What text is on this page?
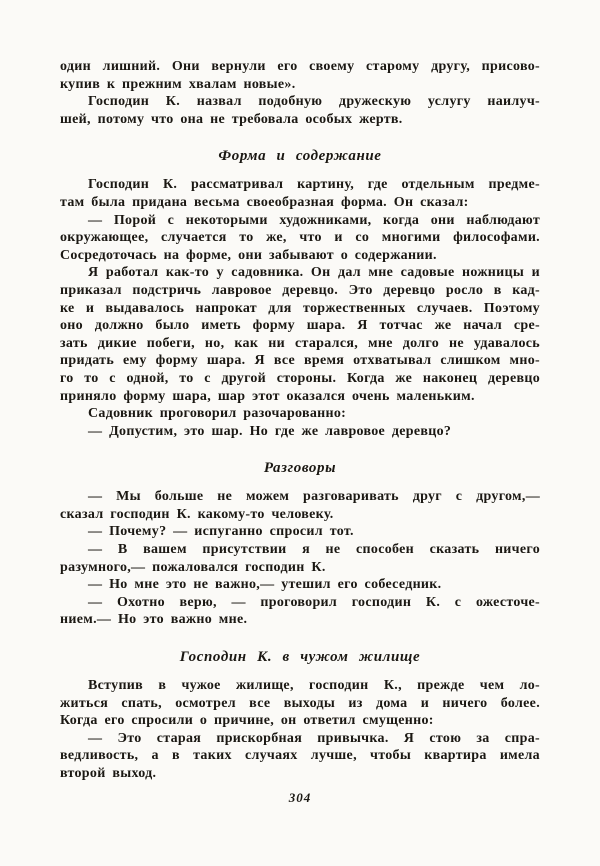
один лишний. Они вернули его своему старому другу, присово-
купив к прежним хвалам новые».
Господин К. назвал подобную дружескую услугу наилуч-
шей, потому что она не требовала особых жертв.
Форма и содержание
Господин К. рассматривал картину, где отдельным предме-
там была придана весьма своеобразная форма. Он сказал:
— Порой с некоторыми художниками, когда они наблюдают
окружающее, случается то же, что и со многими философами.
Сосредоточась на форме, они забывают о содержании.
Я работал как-то у садовника. Он дал мне садовые ножницы и
приказал подстричь лавровое деревцо. Это деревцо росло в кад-
ке и выдавалось напрокат для торжественных случаев. Поэтому
оно должно было иметь форму шара. Я тотчас же начал сре-
зать дикие побеги, но, как ни старался, мне долго не удавалось
придать ему форму шара. Я все время отхватывал слишком мно-
го то с одной, то с другой стороны. Когда же наконец деревцо
приняло форму шара, шар этот оказался очень маленьким.
Садовник проговорил разочарованно:
— Допустим, это шар. Но где же лавровое деревцо?
Разговоры
— Мы больше не можем разговаривать друг с другом,—
сказал господин К. какому-то человеку.
— Почему? — испуганно спросил тот.
— В вашем присутствии я не способен сказать ничего
разумного,— пожаловался господин К.
— Но мне это не важно,— утешил его собеседник.
— Охотно верю, — проговорил господин К. с ожесточе-
нием.— Но это важно мне.
Господин К. в чужом жилище
Вступив в чужое жилище, господин К., прежде чем ло-
житься спать, осмотрел все выходы из дома и ничего более.
Когда его спросили о причине, он ответил смущенно:
— Это старая прискорбная привычка. Я стою за спра-
ведливость, а в таких случаях лучше, чтобы квартира имела
второй выход.
304
